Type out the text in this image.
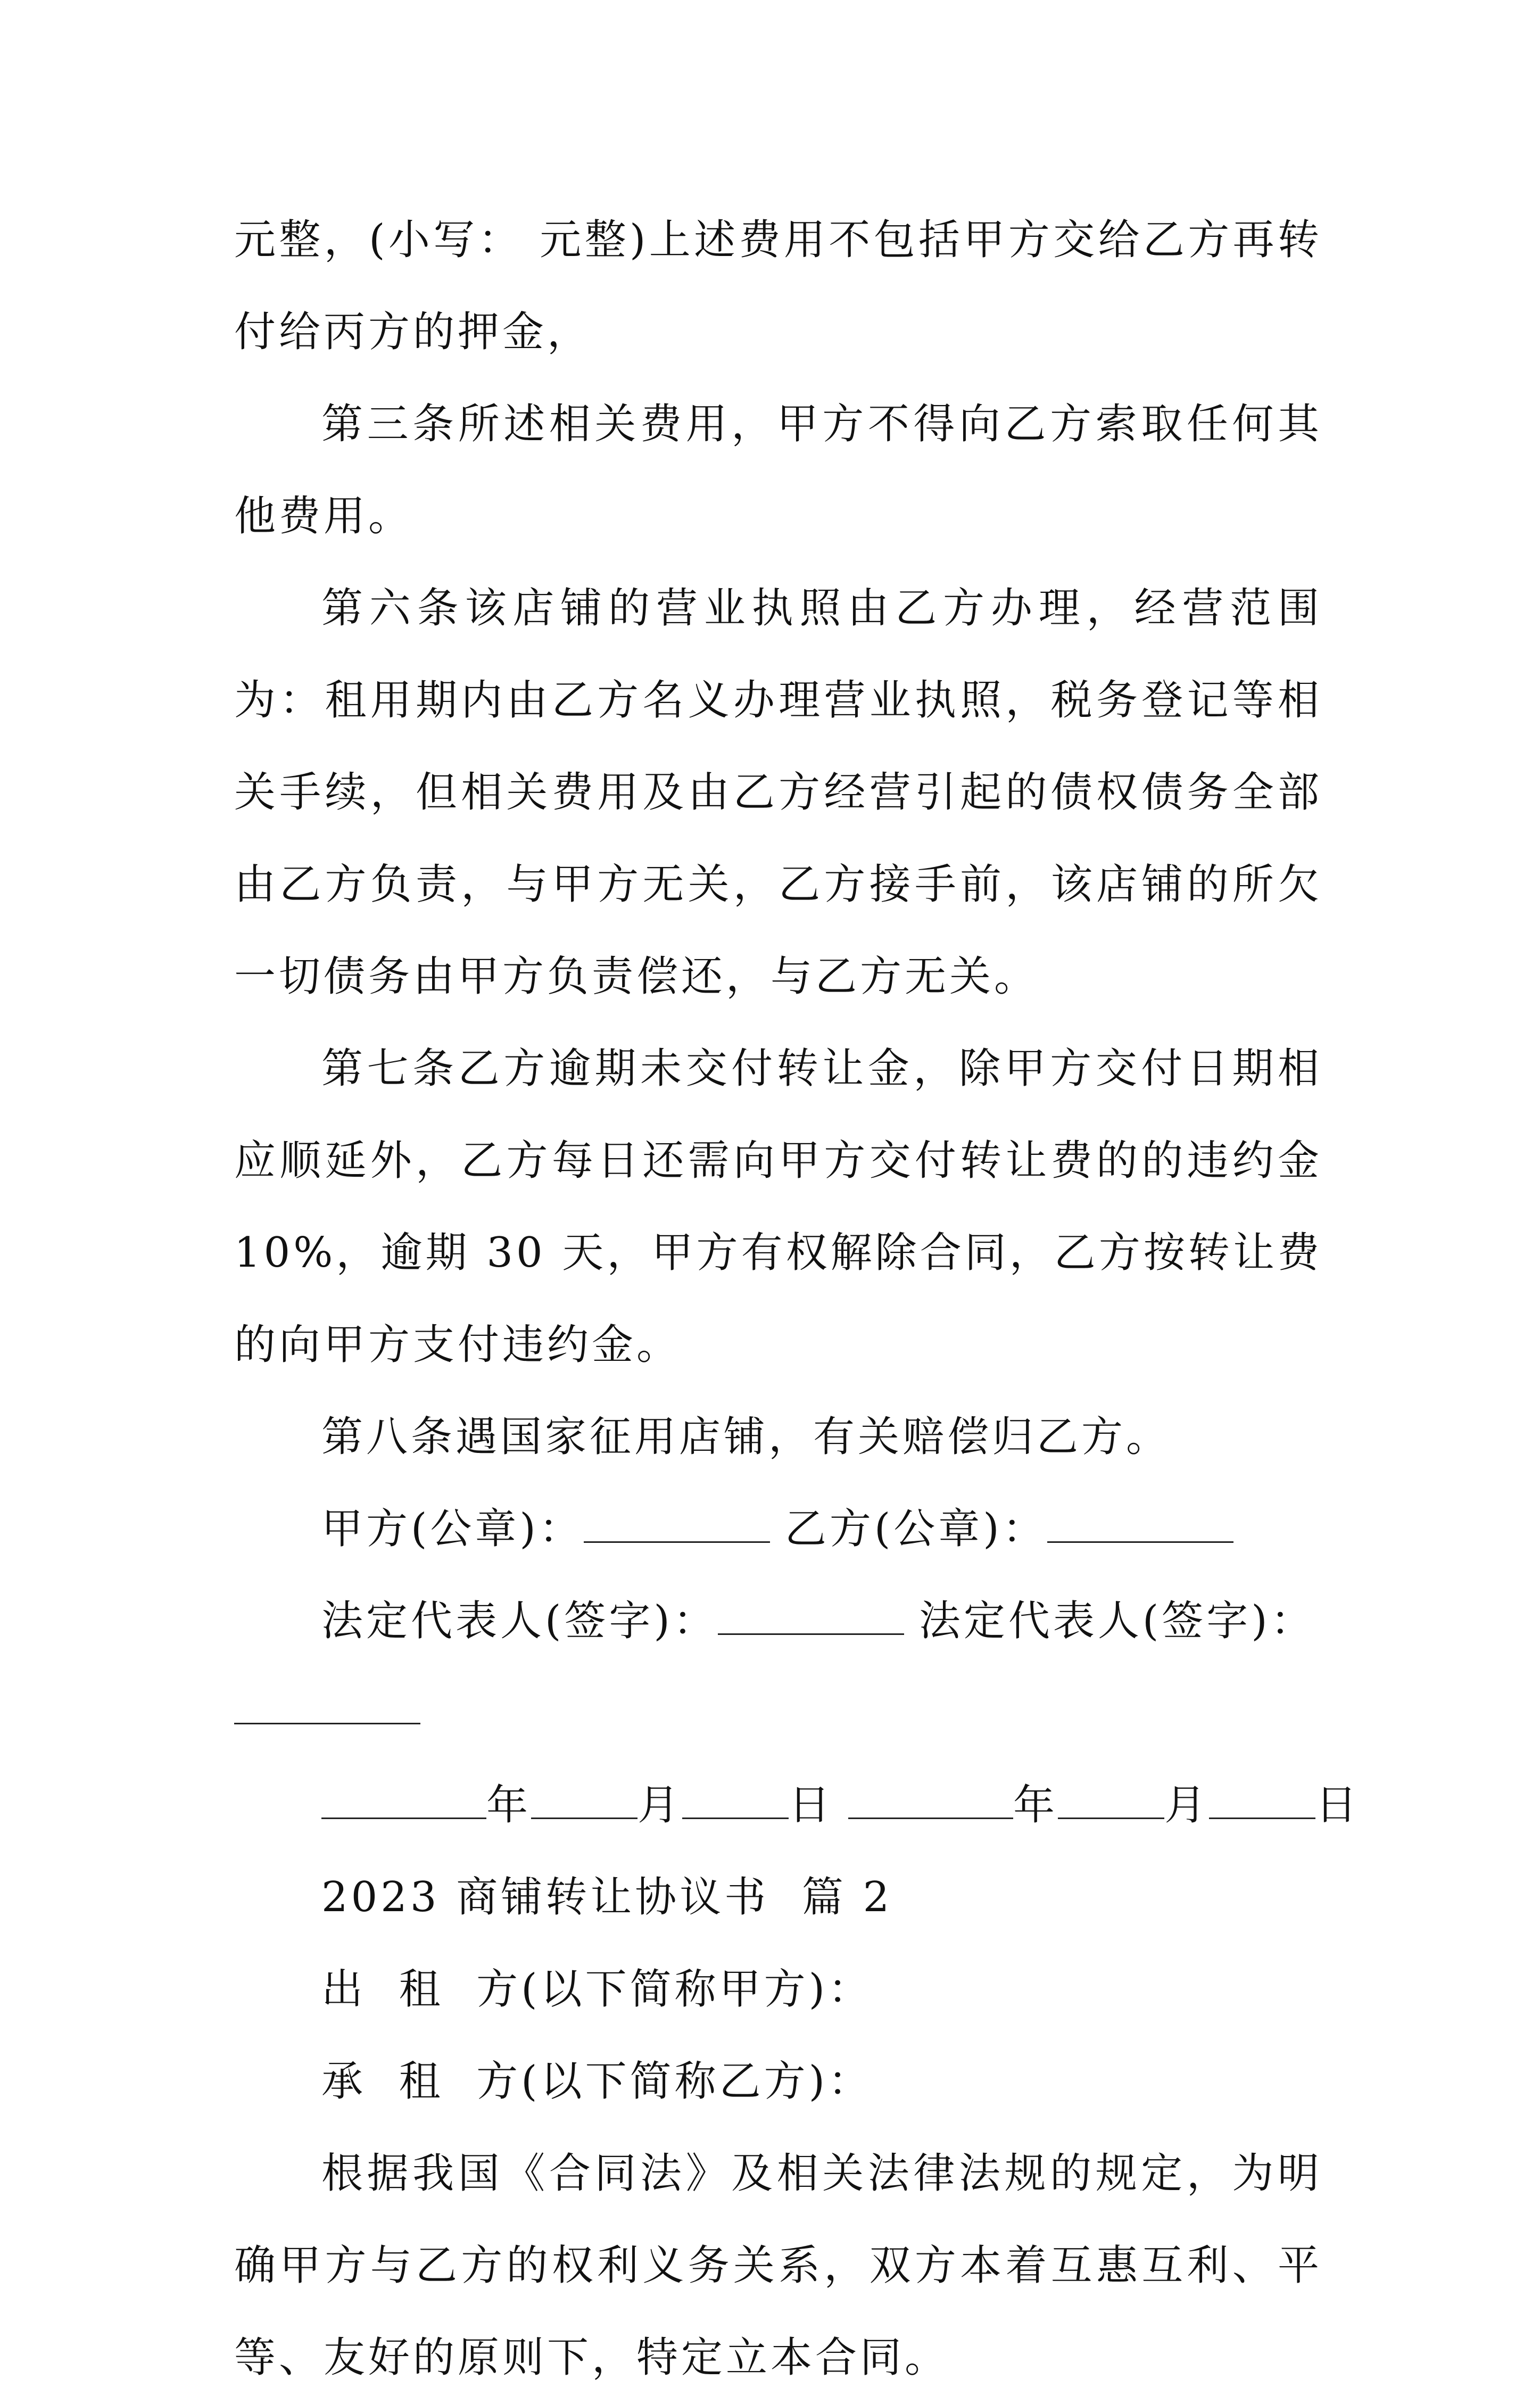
元整，(小写： 元整)上述费用不包括甲方交给乙方再转付给丙方的押金，

第三条所述相关费用，甲方不得向乙方索取任何其他费用。

第六条该店铺的营业执照由乙方办理，经营范围为：租用期内由乙方名义办理营业执照，税务登记等相关手续，但相关费用及由乙方经营引起的债权债务全部由乙方负责，与甲方无关，乙方接手前，该店铺的所欠一切债务由甲方负责偿还，与乙方无关。

第七条乙方逾期未交付转让金，除甲方交付日期相应顺延外，乙方每日还需向甲方交付转让费的的违约金 10%，逾期 30 天，甲方有权解除合同，乙方按转让费的向甲方支付违约金。

第八条遇国家征用店铺，有关赔偿归乙方。

甲方(公章)：	乙方(公章)：
法定代表人(签字)：	法定代表人(签字)：
年	月	日	年	月	日
2023 商铺转让协议书  篇 2
出  租  方(以下简称甲方)：
承  租  方(以下简称乙方)：

根据我国《合同法》及相关法律法规的规定，为明确甲方与乙方的权利义务关系，双方本着互惠互利、平等、友好的原则下，特定立本合同。
